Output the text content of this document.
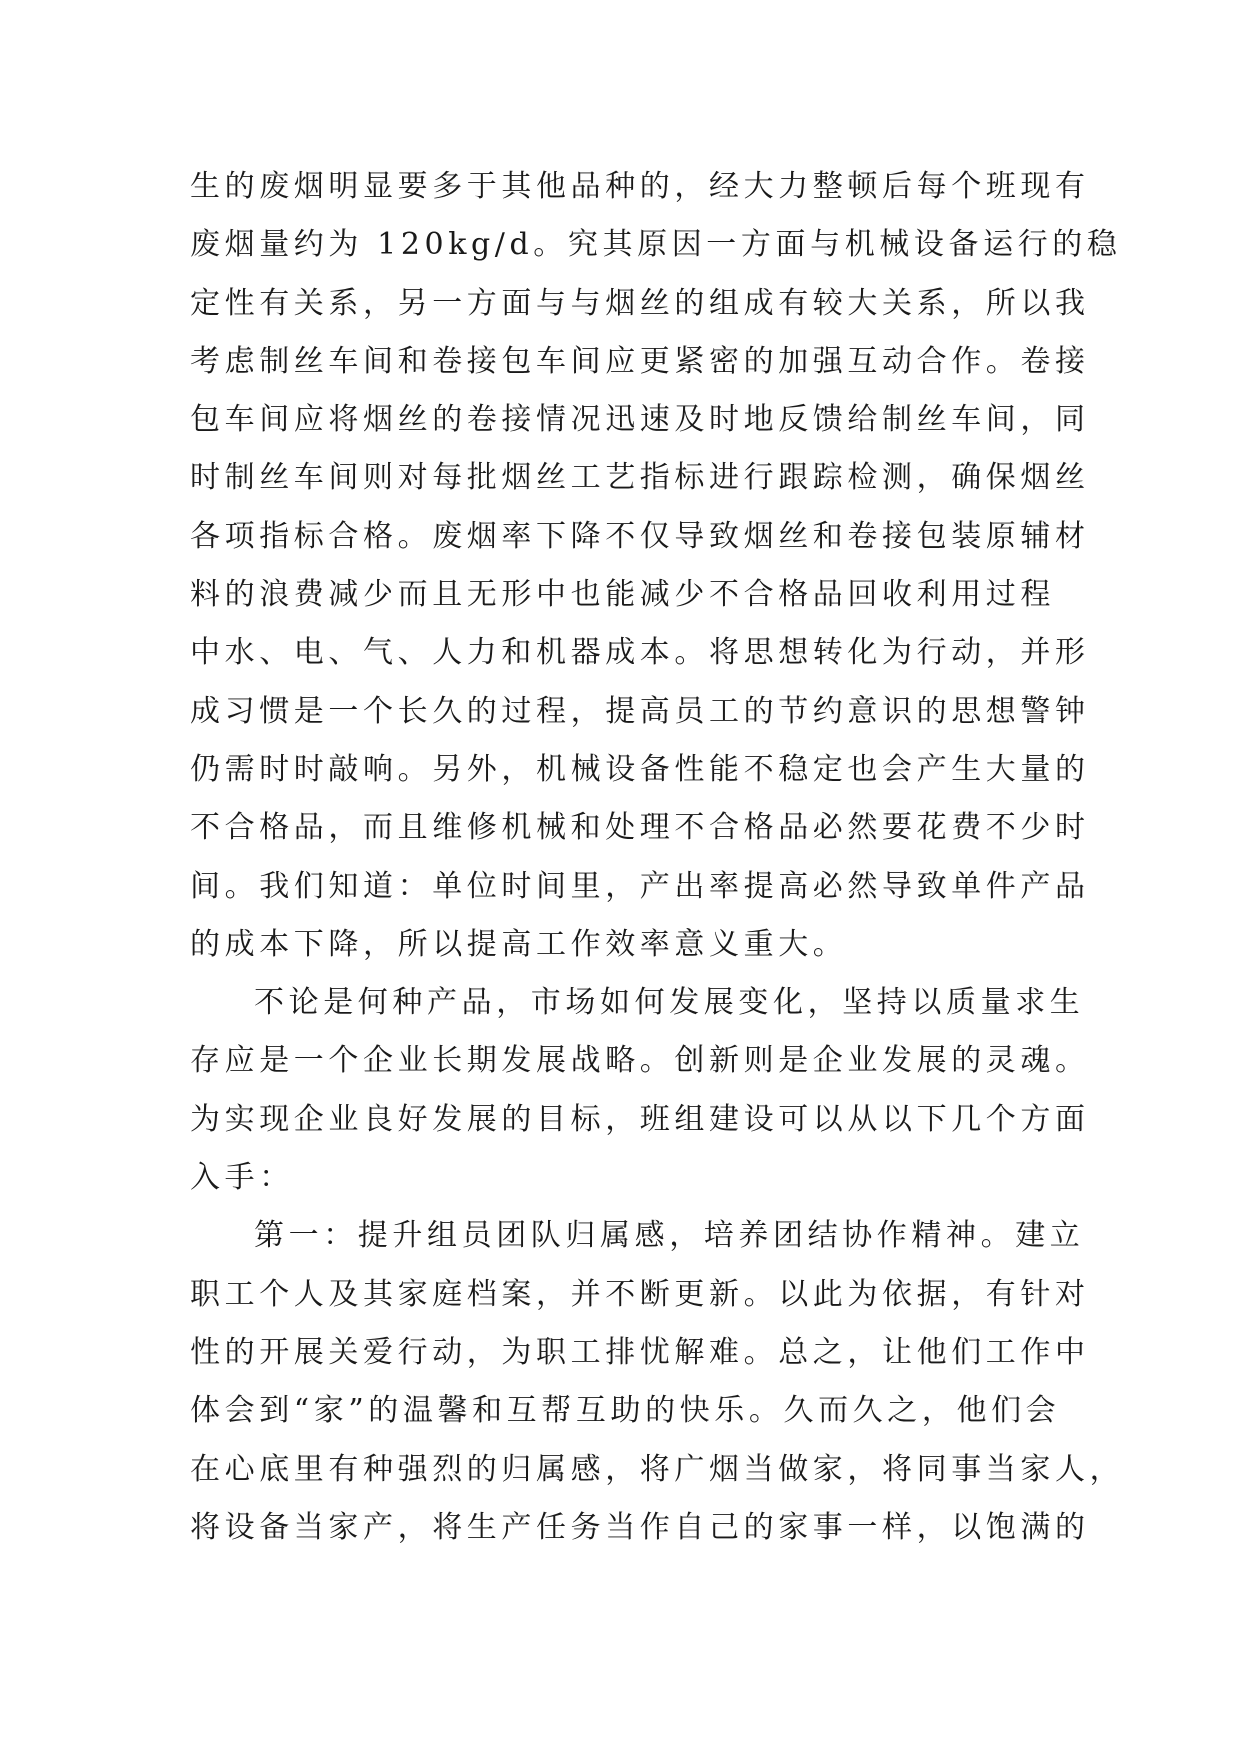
生的废烟明显要多于其他品种的，经大力整顿后每个班现有
废烟量约为 120kg/d。究其原因一方面与机械设备运行的稳
定性有关系，另一方面与与烟丝的组成有较大关系，所以我
考虑制丝车间和卷接包车间应更紧密的加强互动合作。卷接
包车间应将烟丝的卷接情况迅速及时地反馈给制丝车间，同
时制丝车间则对每批烟丝工艺指标进行跟踪检测，确保烟丝
各项指标合格。废烟率下降不仅导致烟丝和卷接包装原辅材
料的浪费减少而且无形中也能减少不合格品回收利用过程
中水、电、气、人力和机器成本。将思想转化为行动，并形
成习惯是一个长久的过程，提高员工的节约意识的思想警钟
仍需时时敲响。另外，机械设备性能不稳定也会产生大量的
不合格品，而且维修机械和处理不合格品必然要花费不少时
间。我们知道：单位时间里，产出率提高必然导致单件产品
的成本下降，所以提高工作效率意义重大。
不论是何种产品，市场如何发展变化，坚持以质量求生
存应是一个企业长期发展战略。创新则是企业发展的灵魂。
为实现企业良好发展的目标，班组建设可以从以下几个方面
入手：
第一：提升组员团队归属感，培养团结协作精神。建立
职工个人及其家庭档案，并不断更新。以此为依据，有针对
性的开展关爱行动，为职工排忧解难。总之，让他们工作中
体会到“家”的温馨和互帮互助的快乐。久而久之，他们会
在心底里有种强烈的归属感，将广烟当做家，将同事当家人，
将设备当家产，将生产任务当作自己的家事一样，以饱满的
